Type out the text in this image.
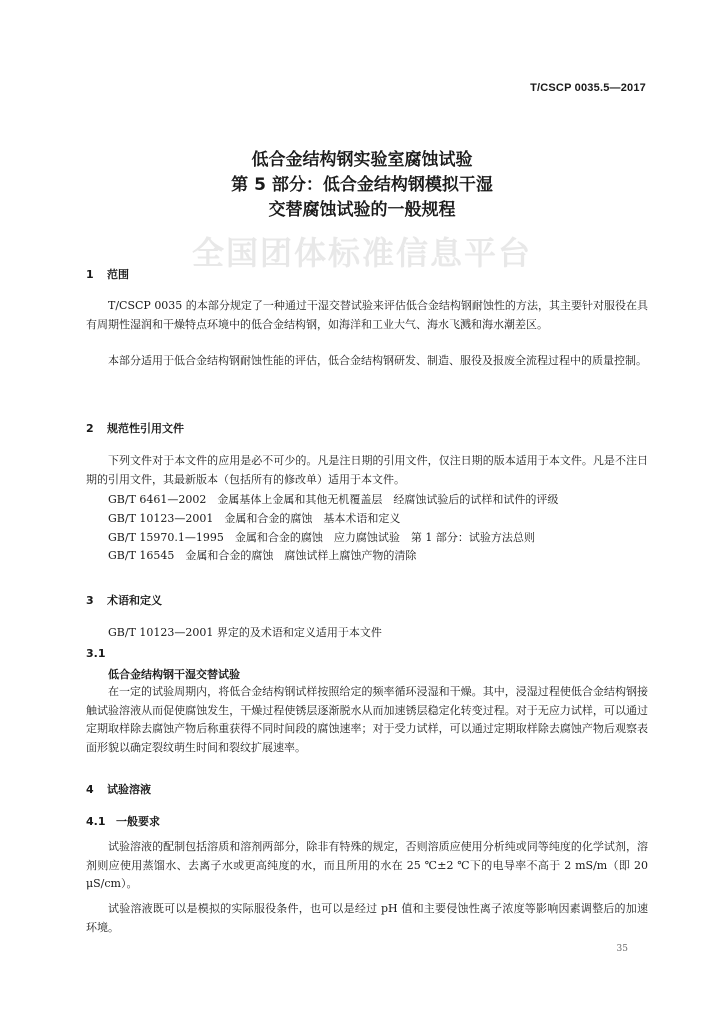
T/CSCP 0035.5—2017
全国团体标准信息平台
低合金结构钢实验室腐蚀试验
第 5 部分：低合金结构钢模拟干湿
交替腐蚀试验的一般规程
1 范围
T/CSCP 0035 的本部分规定了一种通过干湿交替试验来评估低合金结构钢耐蚀性的方法，其主要针对服役在具有周期性湿润和干燥特点环境中的低合金结构钢，如海洋和工业大气、海水飞溅和海水潮差区。
本部分适用于低合金结构钢耐蚀性能的评估，低合金结构钢研发、制造、服役及报废全流程过程中的质量控制。
2 规范性引用文件
下列文件对于本文件的应用是必不可少的。凡是注日期的引用文件，仅注日期的版本适用于本文件。凡是不注日期的引用文件，其最新版本（包括所有的修改单）适用于本文件。
GB/T 6461—2002　金属基体上金属和其他无机覆盖层　经腐蚀试验后的试样和试件的评级
GB/T 10123—2001　金属和合金的腐蚀　基本术语和定义
GB/T 15970.1—1995　金属和合金的腐蚀　应力腐蚀试验　第 1 部分：试验方法总则
GB/T 16545　金属和合金的腐蚀　腐蚀试样上腐蚀产物的清除
3 术语和定义
GB/T 10123—2001 界定的及术语和定义适用于本文件
3.1
低合金结构钢干湿交替试验
在一定的试验周期内，将低合金结构钢试样按照给定的频率循环浸湿和干燥。其中，浸湿过程使低合金结构钢接触试验溶液从而促使腐蚀发生，干燥过程使锈层逐渐脱水从而加速锈层稳定化转变过程。对于无应力试样，可以通过定期取样除去腐蚀产物后称重获得不同时间段的腐蚀速率；对于受力试样，可以通过定期取样除去腐蚀产物后观察表面形貌以确定裂纹萌生时间和裂纹扩展速率。
4 试验溶液
4.1 一般要求
试验溶液的配制包括溶质和溶剂两部分，除非有特殊的规定，否则溶质应使用分析纯或同等纯度的化学试剂，溶剂则应使用蒸馏水、去离子水或更高纯度的水，而且所用的水在 25 ℃±2 ℃下的电导率不高于 2 mS/m（即 20 μS/cm）。
试验溶液既可以是模拟的实际服役条件，也可以是经过 pH 值和主要侵蚀性离子浓度等影响因素调整后的加速环境。
35
